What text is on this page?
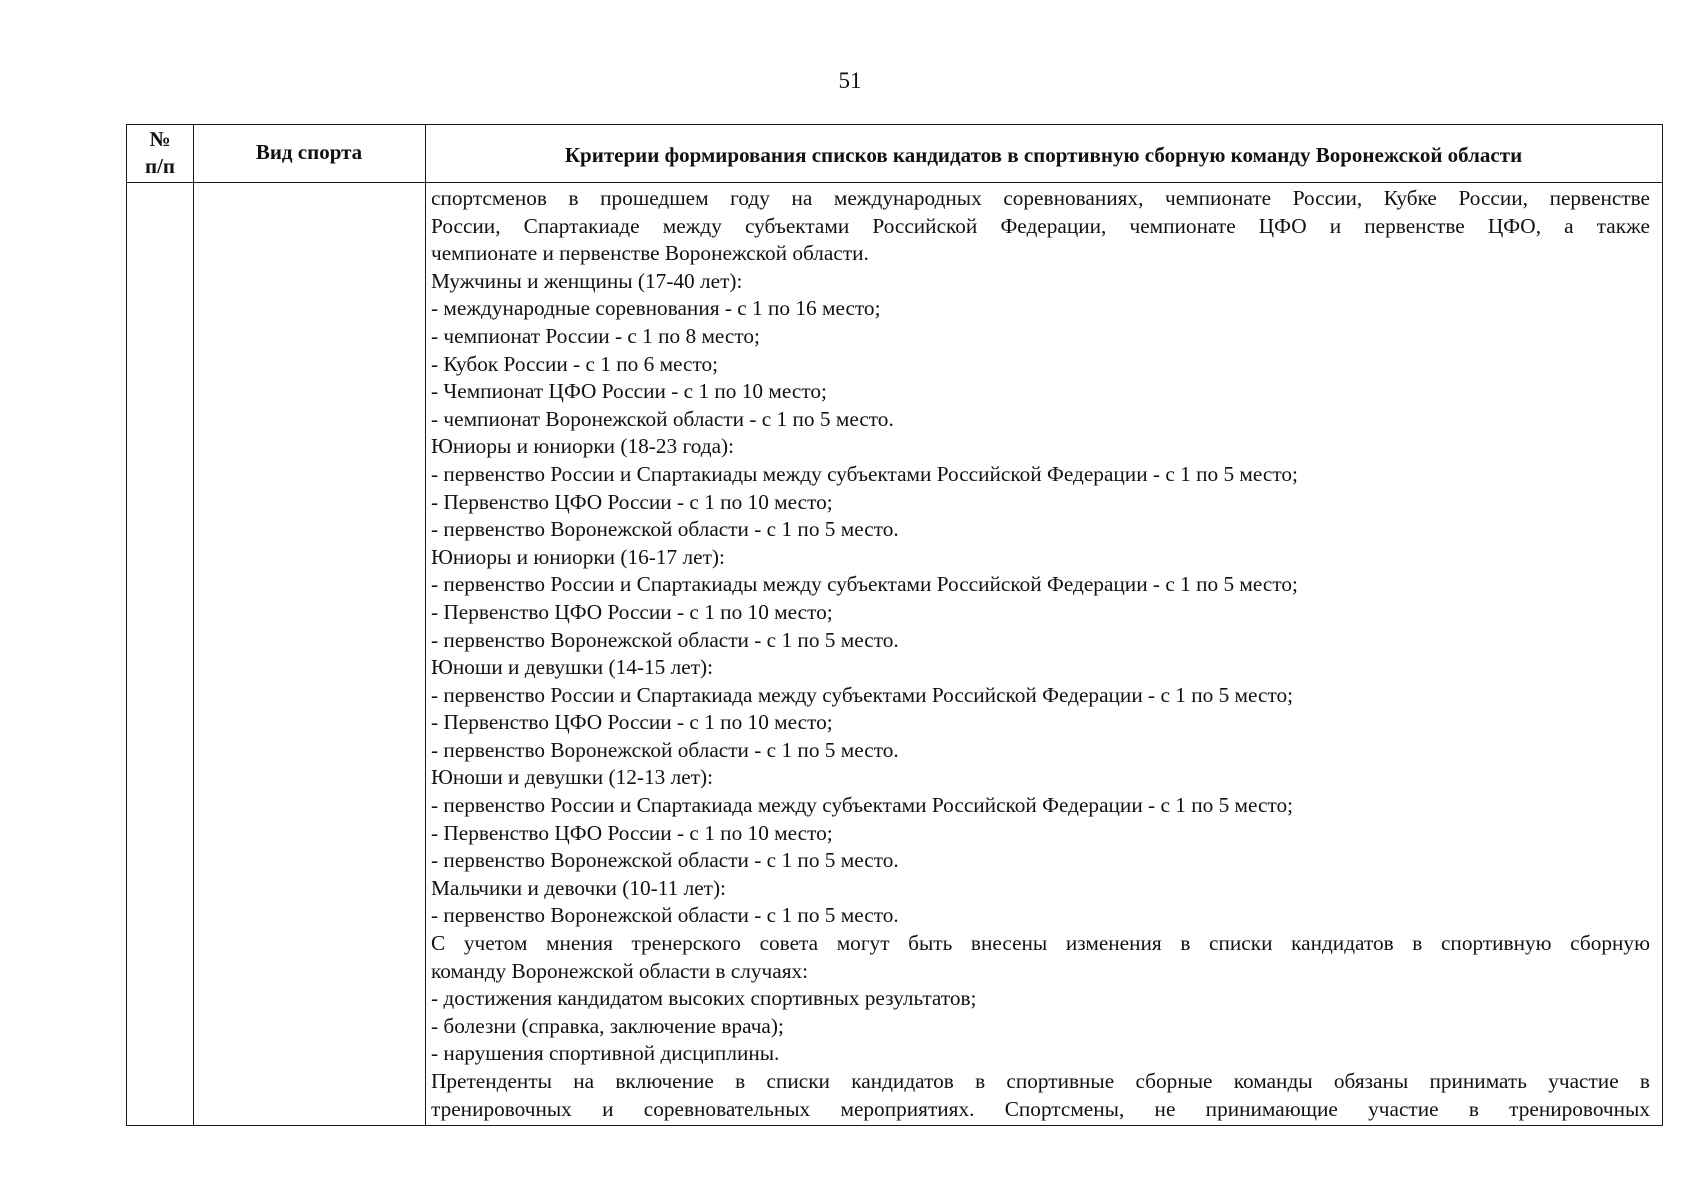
51
№
п/п
Вид спорта	Критерии формирования списков кандидатов в спортивную сборную команду Воронежской области

спортсменов в прошедшем году на международных соревнованиях, чемпионате России, Кубке России, первенстве

России, Спартакиаде между субъектами Российской Федерации, чемпионате ЦФО и первенстве ЦФО, а также

чемпионате и первенстве Воронежской области.

Мужчины и женщины (17-40 лет):

- международные соревнования - с 1 по 16 место;

- чемпионат России - с 1 по 8 место;

- Кубок России - с 1 по 6 место;

- Чемпионат ЦФО России - с 1 по 10 место;

- чемпионат Воронежской области - с 1 по 5 место.

Юниоры и юниорки (18-23 года):

- первенство России и Спартакиады между субъектами Российской Федерации - с 1 по 5 место;

- Первенство ЦФО России - с 1 по 10 место;

- первенство Воронежской области - с 1 по 5 место.

Юниоры и юниорки (16-17 лет):

- первенство России и Спартакиады между субъектами Российской Федерации - с 1 по 5 место;

- Первенство ЦФО России - с 1 по 10 место;

- первенство Воронежской области - с 1 по 5 место.

Юноши и девушки (14-15 лет):

- первенство России и Спартакиада между субъектами Российской Федерации - с 1 по 5 место;

- Первенство ЦФО России - с 1 по 10 место;

- первенство Воронежской области - с 1 по 5 место.

Юноши и девушки (12-13 лет):

- первенство России и Спартакиада между субъектами Российской Федерации - с 1 по 5 место;

- Первенство ЦФО России - с 1 по 10 место;

- первенство Воронежской области - с 1 по 5 место.

Мальчики и девочки (10-11 лет):

- первенство Воронежской области - с 1 по 5 место.

С учетом мнения тренерского совета могут быть внесены изменения в списки кандидатов в спортивную сборную

команду Воронежской области в случаях:

- достижения кандидатом высоких спортивных результатов;

- болезни (справка, заключение врача);

- нарушения спортивной дисциплины.

Претенденты на включение в списки кандидатов в спортивные сборные команды обязаны принимать участие в

тренировочных и соревновательных мероприятиях. Спортсмены, не принимающие участие в тренировочных
